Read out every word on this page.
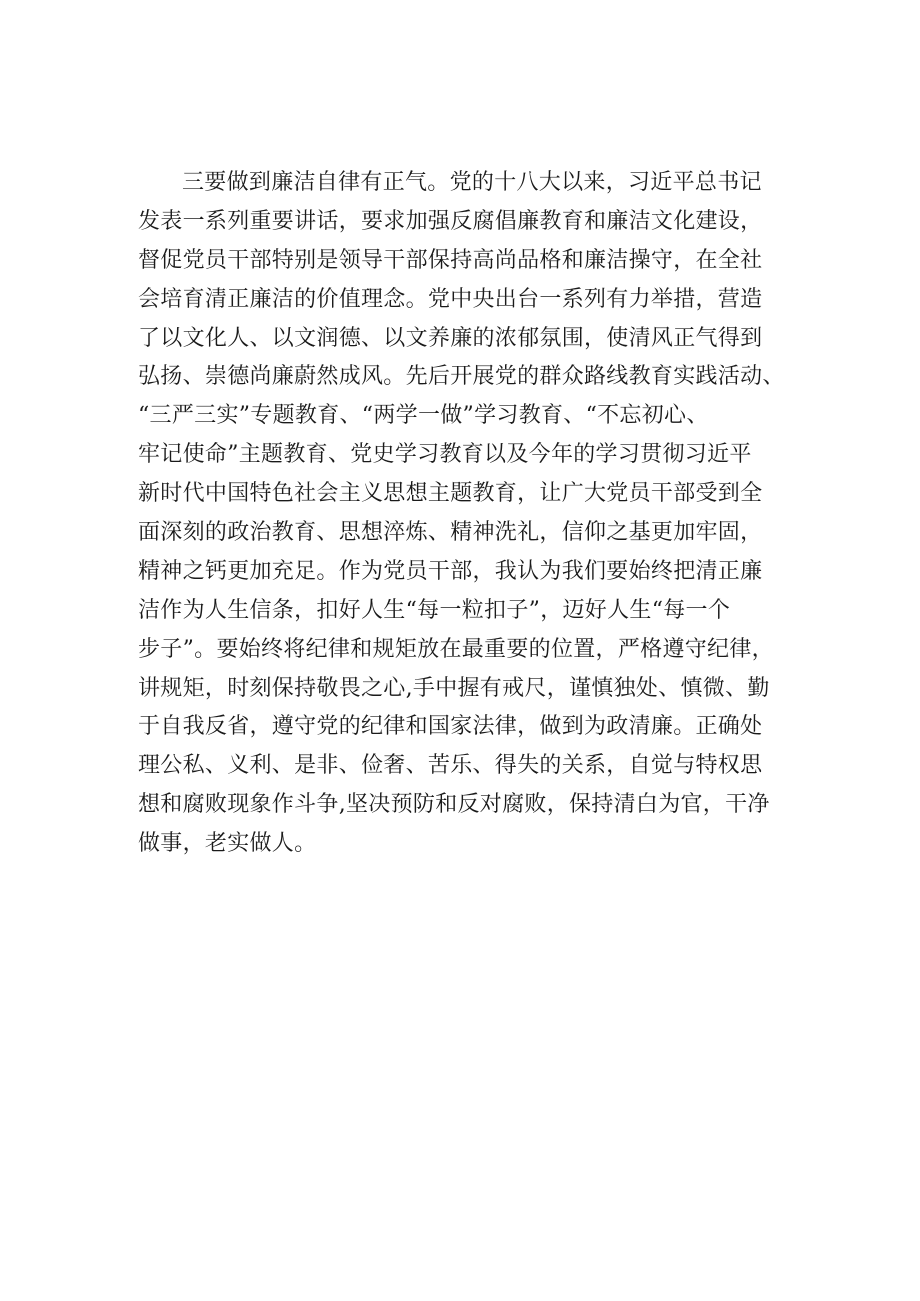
三要做到廉洁自律有正气。党的十八大以来，习近平总书记
发表一系列重要讲话，要求加强反腐倡廉教育和廉洁文化建设，
督促党员干部特别是领导干部保持高尚品格和廉洁操守，在全社
会培育清正廉洁的价值理念。党中央出台一系列有力举措，营造
了以文化人、以文润德、以文养廉的浓郁氛围，使清风正气得到
弘扬、崇德尚廉蔚然成风。先后开展党的群众路线教育实践活动、
“三严三实”专题教育、“两学一做”学习教育、“不忘初心、
牢记使命”主题教育、党史学习教育以及今年的学习贯彻习近平
新时代中国特色社会主义思想主题教育，让广大党员干部受到全
面深刻的政治教育、思想淬炼、精神洗礼，信仰之基更加牢固，
精神之钙更加充足。作为党员干部，我认为我们要始终把清正廉
洁作为人生信条，扣好人生“每一粒扣子”，迈好人生“每一个
步子”。要始终将纪律和规矩放在最重要的位置，严格遵守纪律，
讲规矩，时刻保持敬畏之心,手中握有戒尺，谨慎独处、慎微、勤
于自我反省，遵守党的纪律和国家法律，做到为政清廉。正确处
理公私、义利、是非、俭奢、苦乐、得失的关系，自觉与特权思
想和腐败现象作斗争,坚决预防和反对腐败，保持清白为官，干净
做事，老实做人。
